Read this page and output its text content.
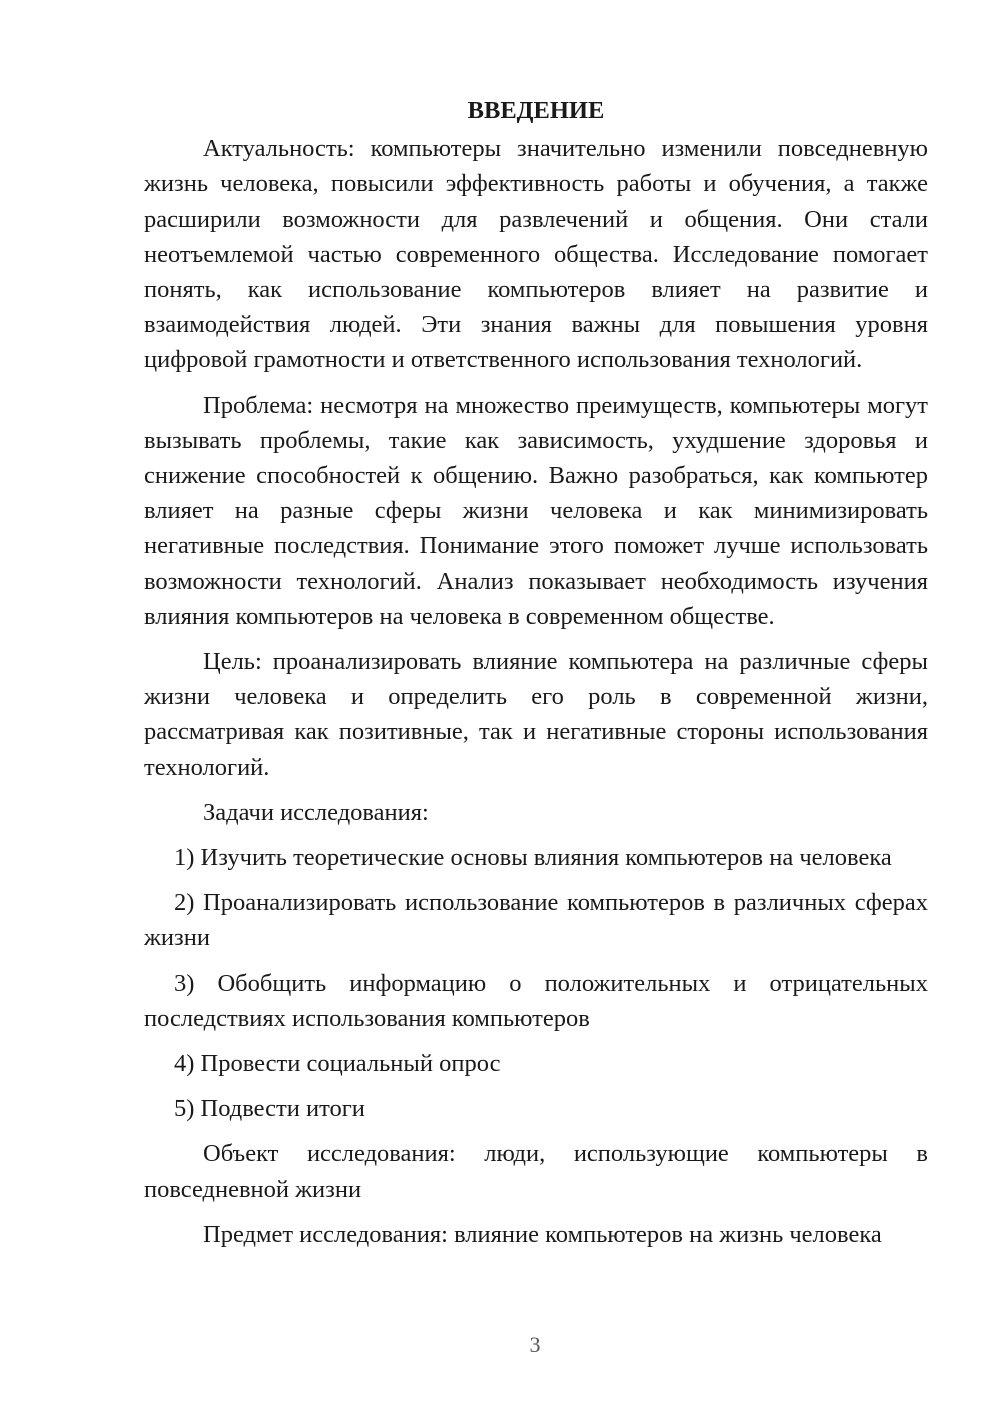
ВВЕДЕНИЕ

Актуальность: компьютеры значительно изменили повседневную жизнь человека, повысили эффективность работы и обучения, а также расширили возможности для развлечений и общения. Они стали неотъемлемой частью современного общества. Исследование помогает понять, как использование компьютеров влияет на развитие и взаимодействия людей. Эти знания важны для повышения уровня цифровой грамотности и ответственного использования технологий.

Проблема: несмотря на множество преимуществ, компьютеры могут вызывать проблемы, такие как зависимость, ухудшение здоровья и снижение способностей к общению. Важно разобраться, как компьютер влияет на разные сферы жизни человека и как минимизировать негативные последствия. Понимание этого поможет лучше использовать возможности технологий. Анализ показывает необходимость изучения влияния компьютеров на человека в современном обществе.

Цель: проанализировать влияние компьютера на различные сферы жизни человека и определить его роль в современной жизни, рассматривая как позитивные, так и негативные стороны использования технологий.

Задачи исследования:

1) Изучить теоретические основы влияния компьютеров на человека

2) Проанализировать использование компьютеров в различных сферах жизни

3) Обобщить информацию о положительных и отрицательных последствиях использования компьютеров

4) Провести социальный опрос

5) Подвести итоги

Объект исследования: люди, использующие компьютеры в повседневной жизни

Предмет исследования: влияние компьютеров на жизнь человека

3
